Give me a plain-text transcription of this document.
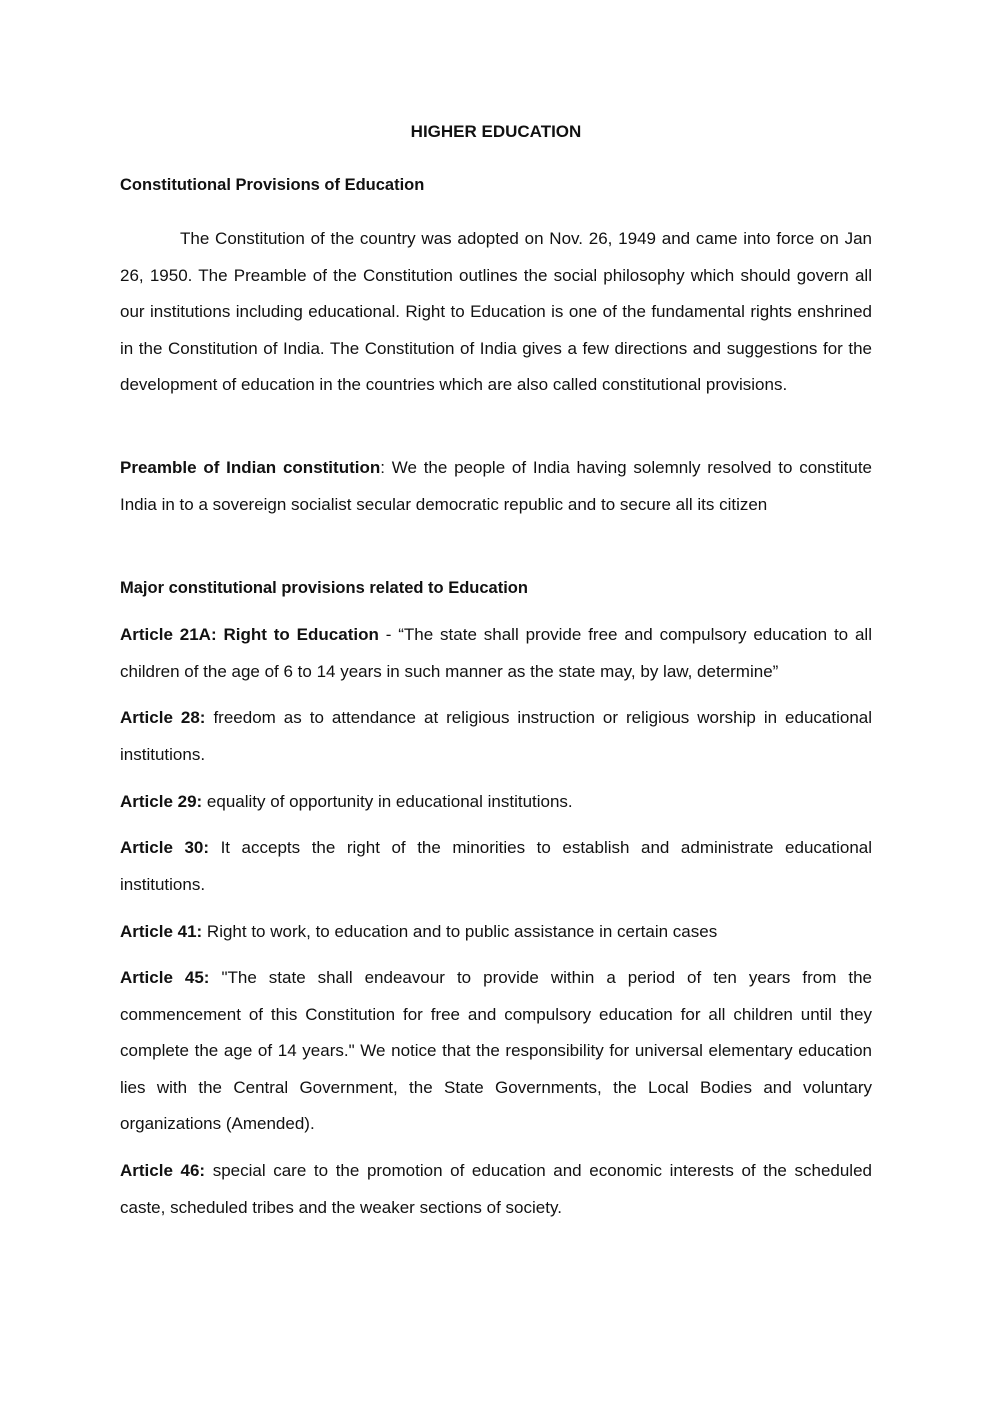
HIGHER EDUCATION
Constitutional Provisions of Education

The Constitution of the country was adopted on Nov. 26, 1949 and came into force on Jan 26, 1950. The Preamble of the Constitution outlines the social philosophy which should govern all our institutions including educational. Right to Education is one of the fundamental rights enshrined in the Constitution of India. The Constitution of India gives a few directions and suggestions for the development of education in the countries which are also called constitutional provisions.

Preamble of Indian constitution: We the people of India having solemnly resolved to constitute India in to a sovereign socialist secular democratic republic and to secure all its citizen

Major constitutional provisions related to Education

Article 21A: Right to Education - “The state shall provide free and compulsory education to all children of the age of 6 to 14 years in such manner as the state may, by law, determine”

Article 28: freedom as to attendance at religious instruction or religious worship in educational institutions.

Article 29: equality of opportunity in educational institutions.

Article 30: It accepts the right of the minorities to establish and administrate educational institutions.

Article 41: Right to work, to education and to public assistance in certain cases

Article 45: "The state shall endeavour to provide within a period of ten years from the commencement of this Constitution for free and compulsory education for all children until they complete the age of 14 years." We notice that the responsibility for universal elementary education lies with the Central Government, the State Governments, the Local Bodies and voluntary organizations (Amended).

Article 46: special care to the promotion of education and economic interests of the scheduled caste, scheduled tribes and the weaker sections of society.
